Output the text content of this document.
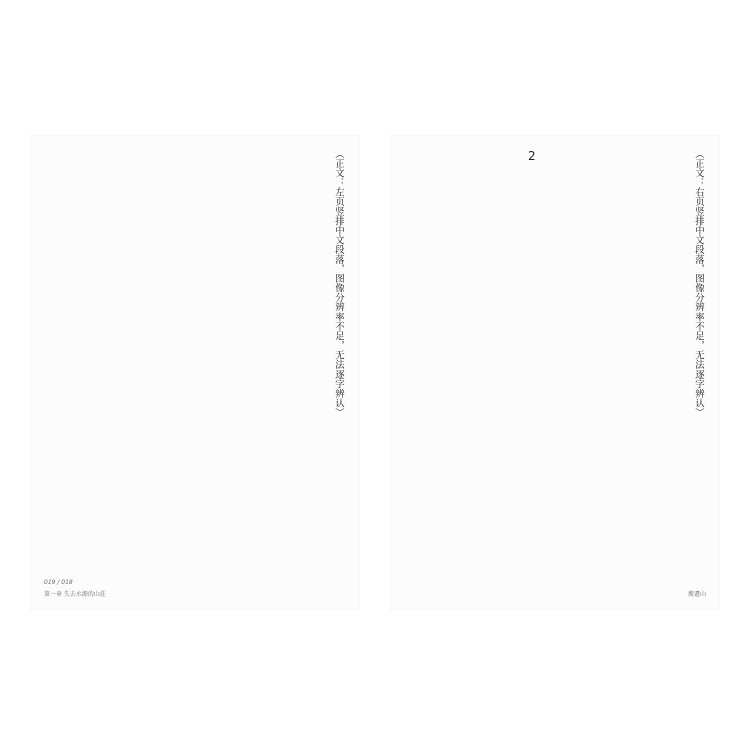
（正文：左页竖排中文段落，图像分辨率不足，无法逐字辨认）
019 / 018
第一章 失去水源的山莊
2	（正文：右页竖排中文段落，图像分辨率不足，无法逐字辨认）
搬遷山
